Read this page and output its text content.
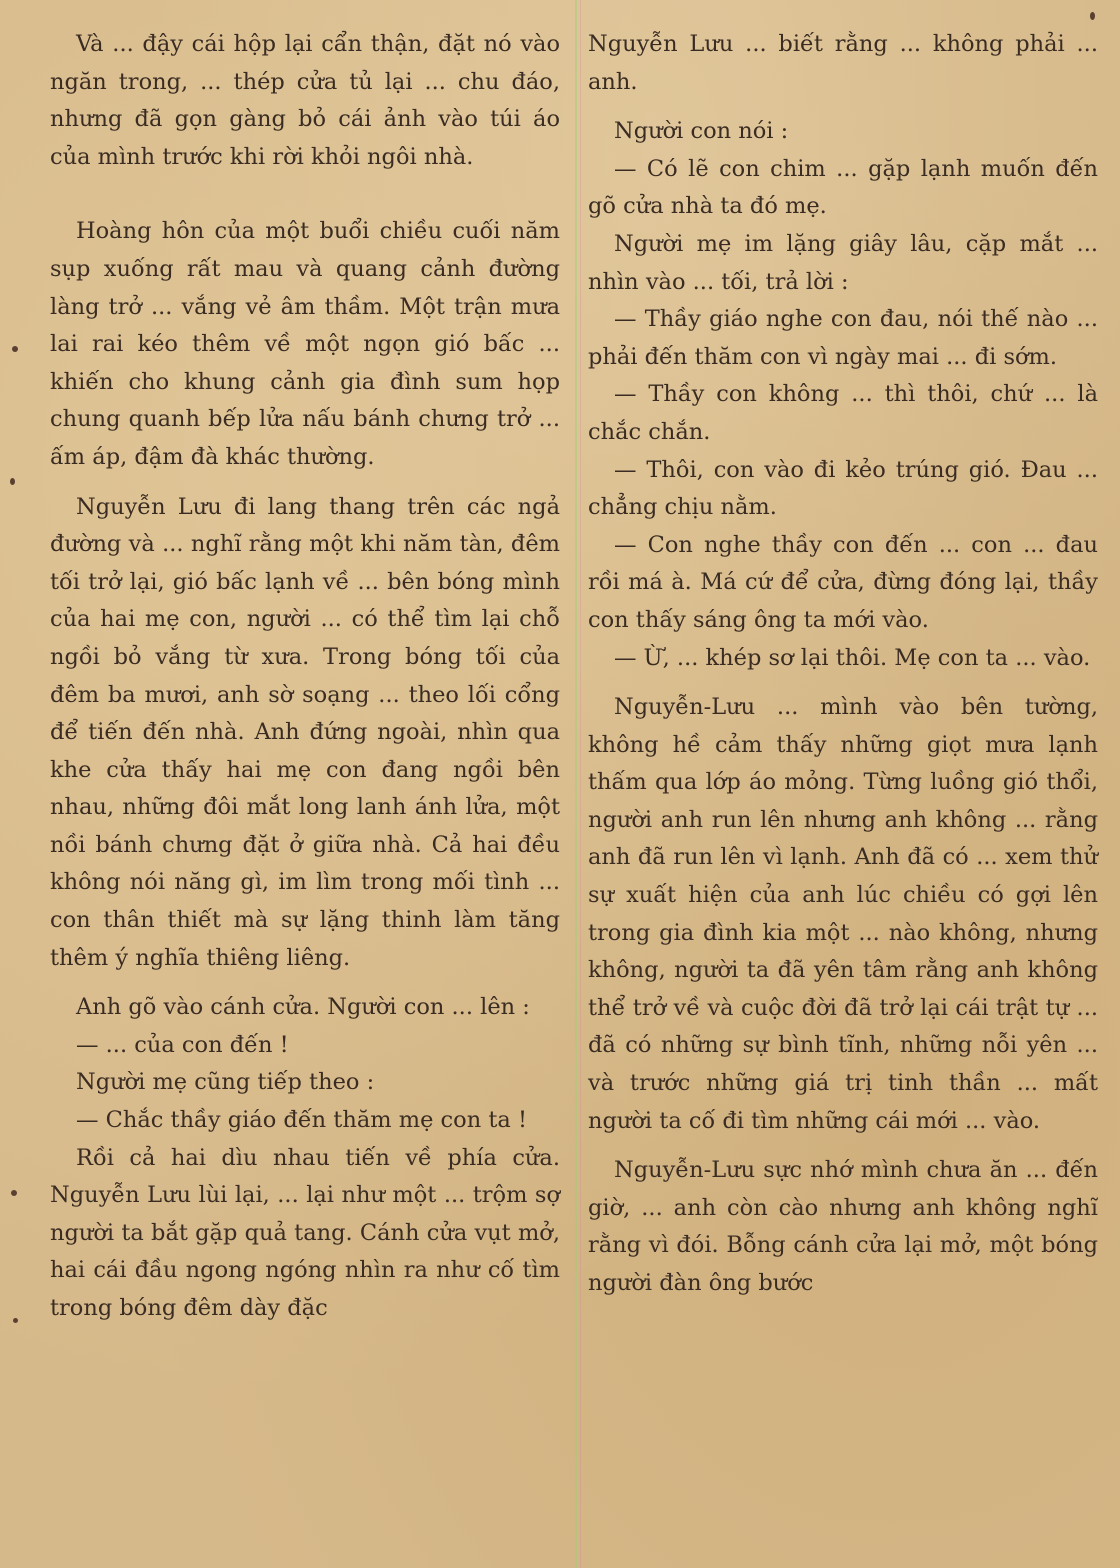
Và ... đậy cái hộp lại cẩn thận, đặt nó vào ngăn trong, ... thép cửa tủ lại ... chu đáo, nhưng đã gọn gàng bỏ cái ảnh vào túi áo của mình trước khi rời khỏi ngôi nhà.

Hoàng hôn của một buổi chiều cuối năm sụp xuống rất mau và quang cảnh đường làng trở ... vắng vẻ âm thầm. Một trận mưa lai rai kéo thêm về một ngọn gió bấc ... khiến cho khung cảnh gia đình sum họp chung quanh bếp lửa nấu bánh chưng trở ... ấm áp, đậm đà khác thường.

Nguyễn Lưu đi lang thang trên các ngả đường và ... nghĩ rằng một khi năm tàn, đêm tối trở lại, gió bấc lạnh về ... bên bóng mình của hai mẹ con, người ... có thể tìm lại chỗ ngồi bỏ vắng từ xưa. Trong bóng tối của đêm ba mươi, anh sờ soạng ... theo lối cổng để tiến đến nhà. Anh đứng ngoài, nhìn qua khe cửa thấy hai mẹ con đang ngồi bên nhau, những đôi mắt long lanh ánh lửa, một nồi bánh chưng đặt ở giữa nhà. Cả hai đều không nói năng gì, im lìm trong mối tình ... con thân thiết mà sự lặng thinh làm tăng thêm ý nghĩa thiêng liêng.

Anh gõ vào cánh cửa. Người con ... lên :

— ... của con đến !

Người mẹ cũng tiếp theo :

— Chắc thầy giáo đến thăm mẹ con ta !

Rồi cả hai dìu nhau tiến về phía cửa. Nguyễn Lưu lùi lại, ... lại như một ... trộm sợ người ta bắt gặp quả tang. Cánh cửa vụt mở, hai cái đầu ngong ngóng nhìn ra như cố tìm trong bóng đêm dày đặc

Nguyễn Lưu ... biết rằng ... không phải ... anh.

Người con nói :

— Có lẽ con chim ... gặp lạnh muốn đến gõ cửa nhà ta đó mẹ.

Người mẹ im lặng giây lâu, cặp mắt ... nhìn vào ... tối, trả lời :

— Thầy giáo nghe con đau, nói thế nào ... phải đến thăm con vì ngày mai ... đi sớm.

— Thầy con không ... thì thôi, chứ ... là chắc chắn.

— Thôi, con vào đi kẻo trúng gió. Đau ... chẳng chịu nằm.

— Con nghe thầy con đến ... con ... đau rồi má à. Má cứ để cửa, đừng đóng lại, thầy con thấy sáng ông ta mới vào.

— Ừ, ... khép sơ lại thôi. Mẹ con ta ... vào.

Nguyễn-Lưu ... mình vào bên tường, không hề cảm thấy những giọt mưa lạnh thấm qua lớp áo mỏng. Từng luồng gió thổi, người anh run lên nhưng anh không ... rằng anh đã run lên vì lạnh. Anh đã có ... xem thử sự xuất hiện của anh lúc chiều có gợi lên trong gia đình kia một ... nào không, nhưng không, người ta đã yên tâm rằng anh không thể trở về và cuộc đời đã trở lại cái trật tự ... đã có những sự bình tĩnh, những nỗi yên ... và trước những giá trị tinh thần ... mất người ta cố đi tìm những cái mới ... vào.

Nguyễn-Lưu sực nhớ mình chưa ăn ... đến giờ, ... anh còn cào nhưng anh không nghĩ rằng vì đói. Bỗng cánh cửa lại mở, một bóng người đàn ông bước
